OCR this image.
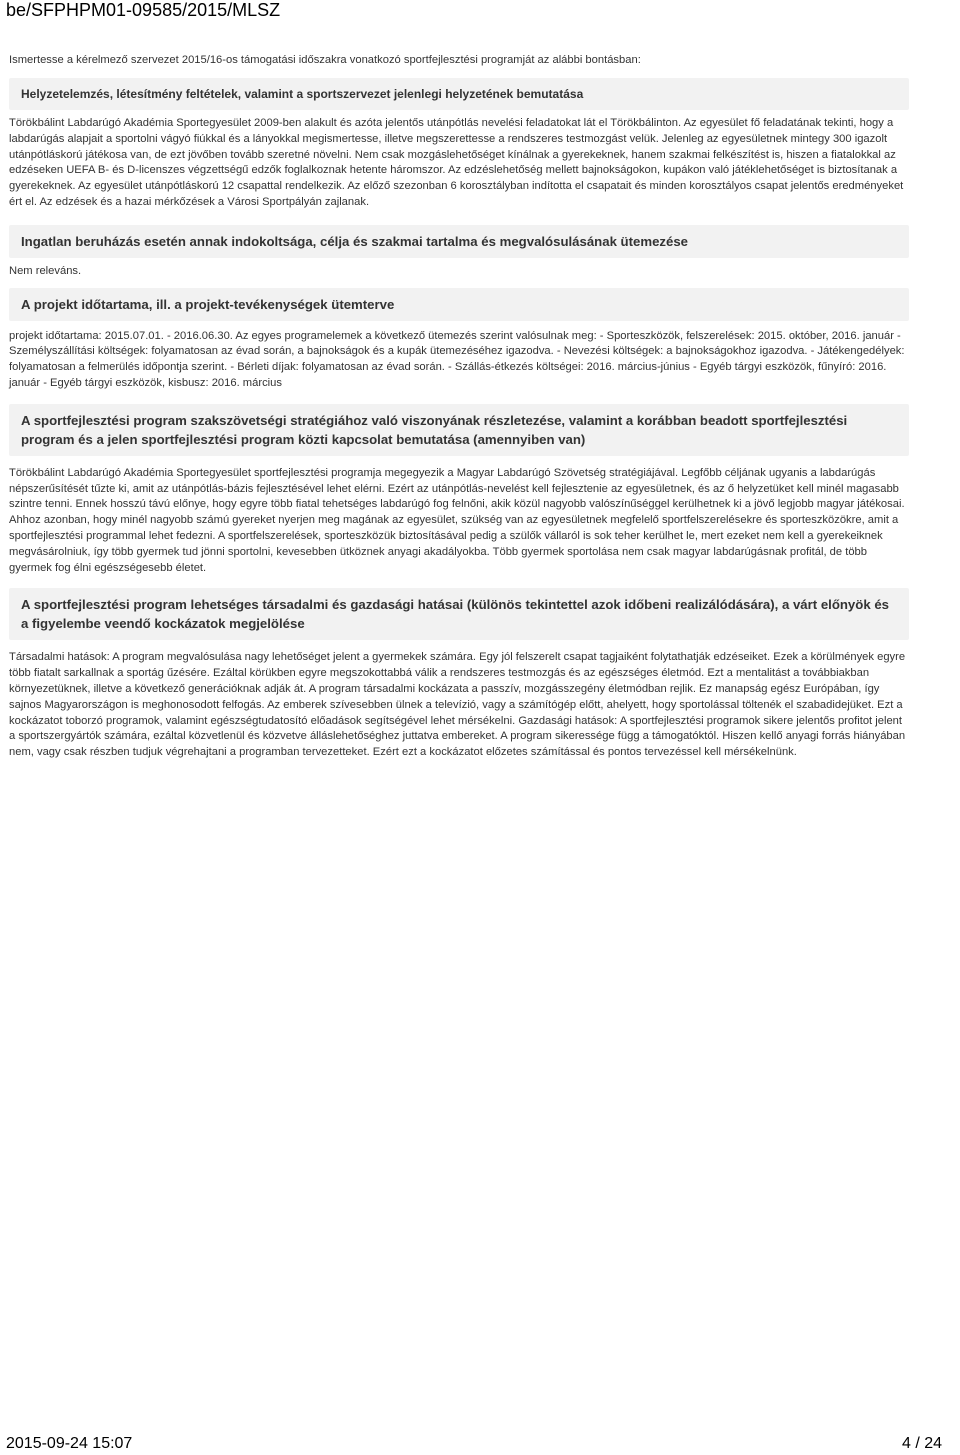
be/SFPHPM01-09585/2015/MLSZ
Ismertesse a kérelmező szervezet 2015/16-os támogatási időszakra vonatkozó sportfejlesztési programját az alábbi bontásban:
Helyzetelemzés, létesítmény feltételek, valamint a sportszervezet jelenlegi helyzetének bemutatása
Törökbálint Labdarúgó Akadémia Sportegyesület 2009-ben alakult és azóta jelentős utánpótlás nevelési feladatokat lát el Törökbálinton. Az egyesület fő feladatának tekinti, hogy a labdarúgás alapjait a sportolni vágyó fiúkkal és a lányokkal megismertesse, illetve megszerettesse a rendszeres testmozgást velük. Jelenleg az egyesületnek mintegy 300 igazolt utánpótláskorú játékosa van, de ezt jövőben tovább szeretné növelni. Nem csak mozgáslehetőséget kínálnak a gyerekeknek, hanem szakmai felkészítést is, hiszen a fiatalokkal az edzéseken UEFA B- és D-licenszes végzettségű edzők foglalkoznak hetente háromszor. Az edzéslehetőség mellett bajnokságokon, kupákon való játéklehetőséget is biztosítanak a gyerekeknek. Az egyesület utánpótláskorú 12 csapattal rendelkezik. Az előző szezonban 6 korosztályban indította el csapatait és minden korosztályos csapat jelentős eredményeket ért el. Az edzések és a hazai mérkőzések a Városi Sportpályán zajlanak.
Ingatlan beruházás esetén annak indokoltsága, célja és szakmai tartalma és megvalósulásának ütemezése
Nem releváns.
A projekt időtartama, ill. a projekt-tevékenységek ütemterve
projekt időtartama: 2015.07.01. - 2016.06.30. Az egyes programelemek a következő ütemezés szerint valósulnak meg: - Sporteszközök, felszerelések: 2015. október, 2016. január - Személyszállítási költségek: folyamatosan az évad során, a bajnokságok és a kupák ütemezéséhez igazodva. - Nevezési költségek: a bajnokságokhoz igazodva. - Játékengedélyek: folyamatosan a felmerülés időpontja szerint. - Bérleti díjak: folyamatosan az évad során. - Szállás-étkezés költségei: 2016. március-június - Egyéb tárgyi eszközök, fűnyíró: 2016. január - Egyéb tárgyi eszközök, kisbusz: 2016. március
A sportfejlesztési program szakszövetségi stratégiához való viszonyának részletezése, valamint a korábban beadott sportfejlesztési program és a jelen sportfejlesztési program közti kapcsolat bemutatása (amennyiben van)
Törökbálint Labdarúgó Akadémia Sportegyesület sportfejlesztési programja megegyezik a Magyar Labdarúgó Szövetség stratégiájával. Legfőbb céljának ugyanis a labdarúgás népszerűsítését tűzte ki, amit az utánpótlás-bázis fejlesztésével lehet elérni. Ezért az utánpótlás-nevelést kell fejlesztenie az egyesületnek, és az ő helyzetüket kell minél magasabb szintre tenni. Ennek hosszú távú előnye, hogy egyre több fiatal tehetséges labdarúgó fog felnőni, akik közül nagyobb valószínűséggel kerülhetnek ki a jövő legjobb magyar játékosai. Ahhoz azonban, hogy minél nagyobb számú gyereket nyerjen meg magának az egyesület, szükség van az egyesületnek megfelelő sportfelszerelésekre és sporteszközökre, amit a sportfejlesztési programmal lehet fedezni. A sportfelszerelések, sporteszközük biztosításával pedig a szülők vállaról is sok teher kerülhet le, mert ezeket nem kell a gyerekeiknek megvásárolniuk, így több gyermek tud jönni sportolni, kevesebben ütköznek anyagi akadályokba. Több gyermek sportolása nem csak magyar labdarúgásnak profitál, de több gyermek fog élni egészségesebb életet.
A sportfejlesztési program lehetséges társadalmi és gazdasági hatásai (különös tekintettel azok időbeni realizálódására), a várt előnyök és a figyelembe veendő kockázatok megjelölése
Társadalmi hatások: A program megvalósulása nagy lehetőséget jelent a gyermekek számára. Egy jól felszerelt csapat tagjaiként folytathatják edzéseiket. Ezek a körülmények egyre több fiatalt sarkallnak a sportág űzésére. Ezáltal körükben egyre megszokottabbá válik a rendszeres testmozgás és az egészséges életmód. Ezt a mentalitást a továbbiakban környezetüknek, illetve a következő generációknak adják át. A program társadalmi kockázata a passzív, mozgásszegény életmódban rejlik. Ez manapság egész Európában, így sajnos Magyarországon is meghonosodott felfogás. Az emberek szívesebben ülnek a televízió, vagy a számítógép előtt, ahelyett, hogy sportolással töltenék el szabadidejüket. Ezt a kockázatot toborzó programok, valamint egészségtudatosító előadások segítségével lehet mérsékelni. Gazdasági hatások: A sportfejlesztési programok sikere jelentős profitot jelent a sportszergyártók számára, ezáltal közvetlenül és közvetve álláslehetőséghez juttatva embereket. A program sikeressége függ a támogatóktól. Hiszen kellő anyagi forrás hiányában nem, vagy csak részben tudjuk végrehajtani a programban tervezetteket. Ezért ezt a kockázatot előzetes számítással és pontos tervezéssel kell mérsékelnünk.
2015-09-24 15:07	4 / 24
